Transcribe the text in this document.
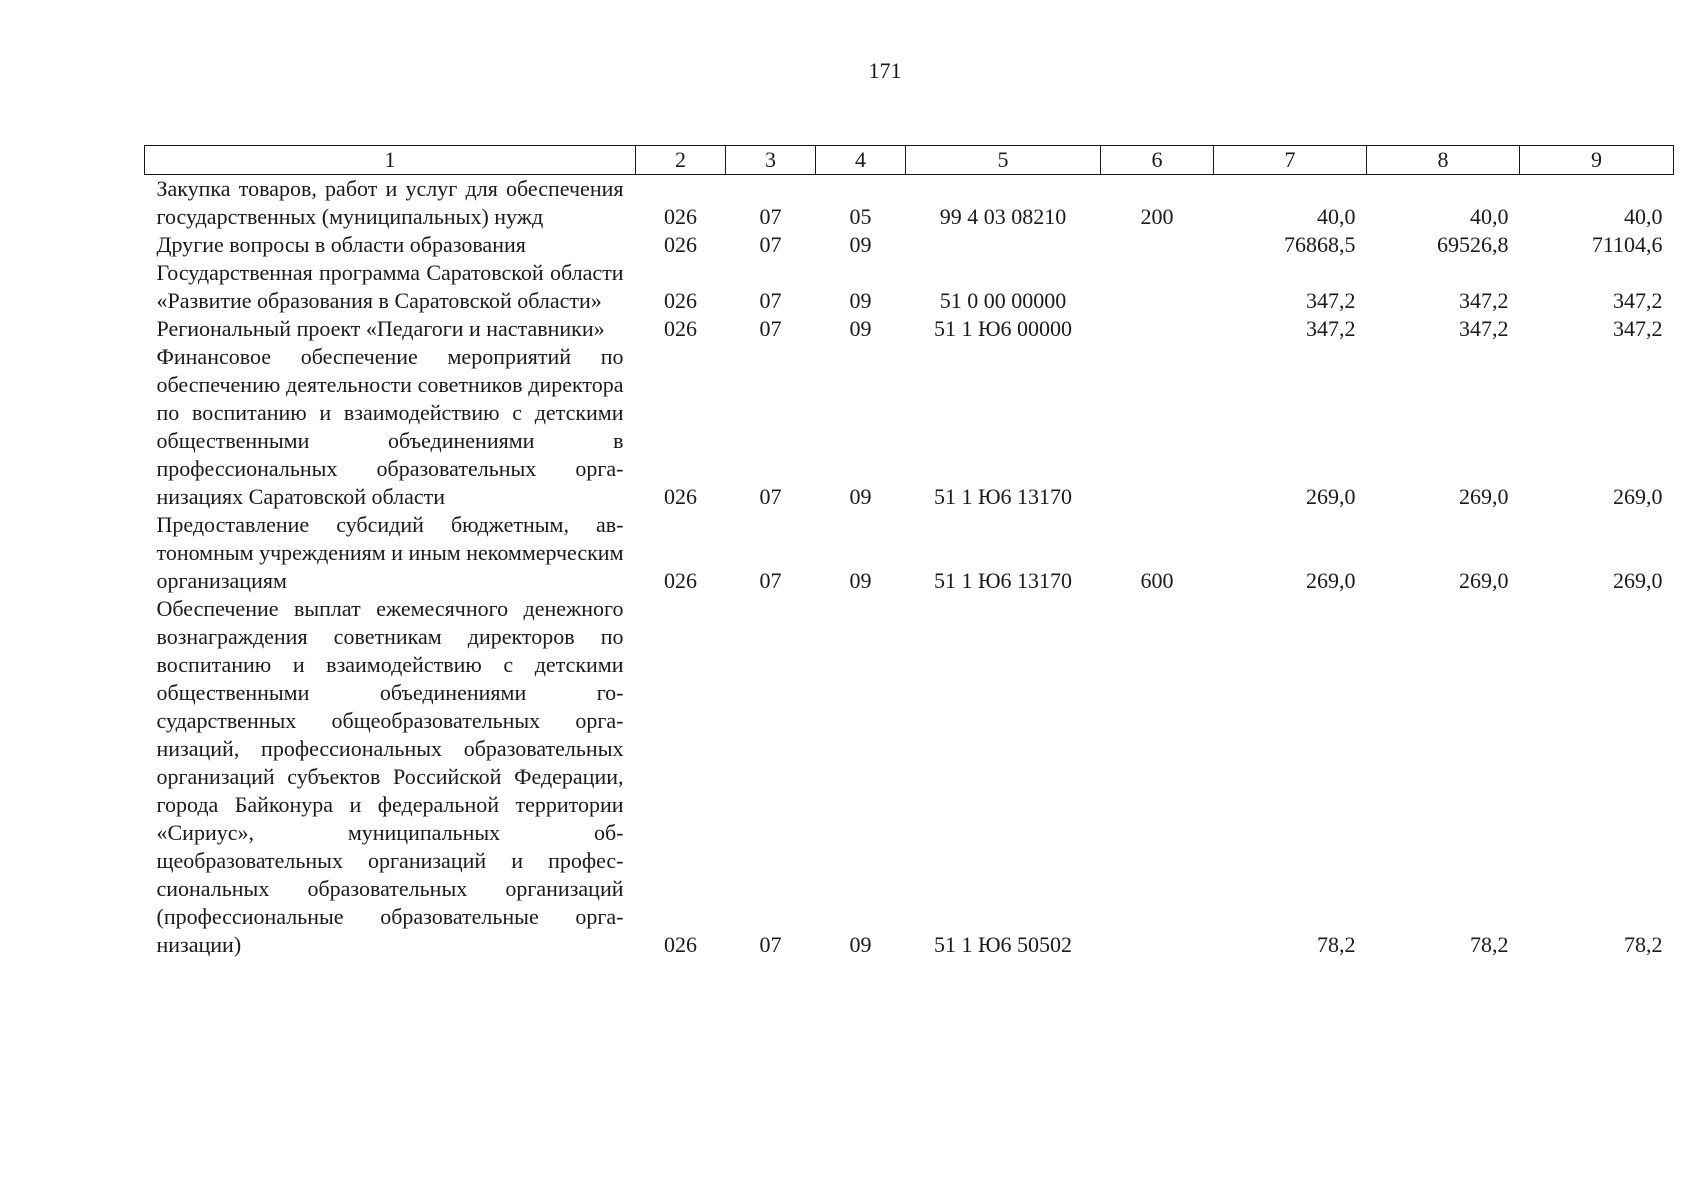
171
1	2	3	4	5	6	7	8	9
Закупка товаров, работ и услуг для обеспечения государственных (муниципальных) нужд	026	07	05	99 4 03 08210	200	40,0	40,0	40,0
Другие вопросы в области образования	026	07	09			76868,5	69526,8	71104,6
Государственная программа Саратовской области «Развитие образования в Саратовской области»	026	07	09	51 0 00 00000		347,2	347,2	347,2
Региональный проект «Педагоги и наставники»	026	07	09	51 1 Ю6 00000		347,2	347,2	347,2
Финансовое обеспечение мероприятий по обеспечению деятельности советников директора по воспитанию и взаимодействию с детскими общественными объединениями в профессиональных образовательных организациях Саратовской области	026	07	09	51 1 Ю6 13170		269,0	269,0	269,0
Предоставление субсидий бюджетным, автономным учреждениям и иным некоммерческим организациям	026	07	09	51 1 Ю6 13170	600	269,0	269,0	269,0
Обеспечение выплат ежемесячного денежного вознаграждения советникам директоров по воспитанию и взаимодействию с детскими общественными объединениями государственных общеобразовательных организаций, профессиональных образовательных организаций субъектов Российской Федерации, города Байконура и федеральной территории «Сириус», муниципальных общеобразовательных организаций и профессиональных образовательных организаций (профессиональные образовательные организации)	026	07	09	51 1 Ю6 50502		78,2	78,2	78,2
